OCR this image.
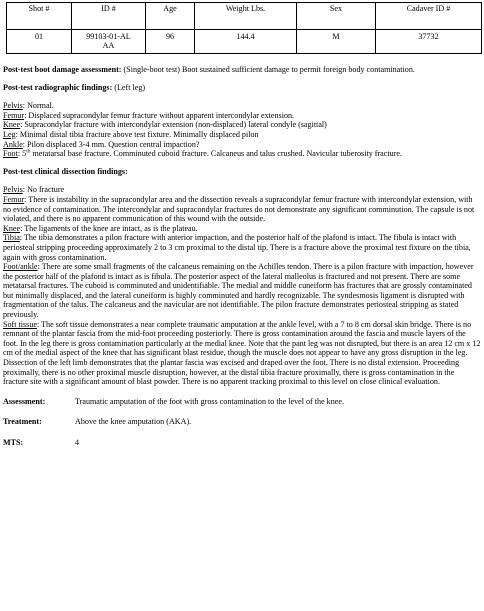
Shot #	ID #	Age	Weight Lbs.	Sex	Cadaver ID #
01	99103-01-ALAA	96	144.4	M	37732

Post-test boot damage assessment: (Single-boot test) Boot sustained sufficient damage to permit foreign body contamination.

Post-test radiographic findings: (Left leg)

Pelvis: Normal.
Femur: Displaced supracondylar femur fracture without apparent intercondylar extension.
Knee: Supracondylar fracture with intercondylar extension (non-displaced) lateral condyle (sagittal)
Leg: Minimal distal tibia fracture above test fixture. Minimally displaced pilon
Ankle: Pilon displaced 3-4 mm. Question central impaction?
Foot: 5th metatarsal base fracture. Comminuted cuboid fracture. Calcaneus and talus crushed. Navicular tuberosity fracture.

Post-test clinical dissection findings:

Pelvis: No fracture
Femur: There is instability in the supracondylar area and the dissection reveals a supracondylar femur fracture with intercondylar extension, with no evidence of contamination. The intercondylar and supracondylar fractures do not demonstrate any significant comminution. The capsule is not violated, and there is no apparent communication of this wound with the outside.
Knee: The ligaments of the knee are intact, as is the plateau.
Tibia: The tibia demonstrates a pilon fracture with anterior impaction, and the posterior half of the plafond is intact. The fibula is intact with periosteal stripping proceeding approximately 2 to 3 cm proximal to the distal tip. There is a fracture above the proximal test fixture on the tibia, again with gross contamination.
Foot/ankle: There are some small fragments of the calcaneus remaining on the Achilles tendon. There is a pilon fracture with impaction, however the posterior half of the plafond is intact as is fibula. The posterior aspect of the lateral malleolus is fractured and not present. There are some metatarsal fractures. The cuboid is comminuted and unidentifiable. The medial and middle cuneiform has fractures that are grossly contaminated but minimally displaced, and the lateral cuneiform is highly comminuted and hardly recognizable. The syndesmosis ligament is disrupted with fragmentation of the talus. The calcaneus and the navicular are not identifiable. The pilon fracture demonstrates periosteal stripping as stated previously.
Soft tissue: The soft tissue demonstrates a near complete traumatic amputation at the ankle level, with a 7 to 8 cm dorsal skin bridge. There is no remnant of the plantar fascia from the mid-foot proceeding posteriorly. There is gross contamination around the fascia and muscle layers of the foot. In the leg there is gross contamination particularly at the medial knee. Note that the pant leg was not disrupted, but there is an area 12 cm x 12 cm of the medial aspect of the knee that has significant blast residue, though the muscle does not appear to have any gross disruption in the leg. Dissection of the left limb demonstrates that the plantar fascia was excised and draped over the foot. There is no distal extension. Proceeding proximally, there is no other proximal muscle disruption, however, at the distal tibia fracture proximally, there is gross contamination in the fracture site with a significant amount of blast powder. There is no apparent tracking proximal to this level on close clinical evaluation.
Assessment:	Traumatic amputation of the foot with gross contamination to the level of the knee.
Treatment:	Above the knee amputation (AKA).
MTS:	4
